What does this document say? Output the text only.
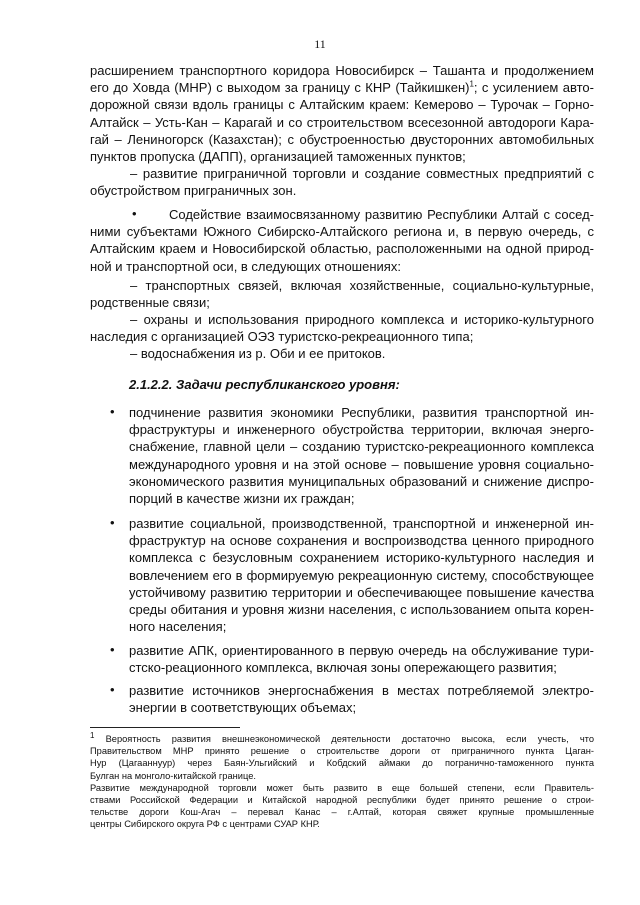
11
расширением транспортного коридора Новосибирск – Ташанта и продолжением
его до Ховда (МНР) с выходом за границу с КНР (Тайкишкен)$^1$; с усилением авто-
дорожной связи вдоль границы с Алтайским краем: Кемерово – Турочак – Горно-
Алтайск – Усть-Кан – Карагай и со строительством всесезонной автодороги Кара-
гай – Лениногорск (Казахстан); с обустроенностью двусторонних автомобильных
пунктов пропуска (ДАПП), организацией таможенных пунктов;
– развитие приграничной торговли и создание совместных предприятий с
обустройством приграничных зон.
•	Содействие взаимосвязанному развитию Республики Алтай с сосед-
ними субъектами Южного Сибирско-Алтайского региона и, в первую очередь, с
Алтайским краем и Новосибирской областью, расположенными на одной природ-
ной и транспортной оси, в следующих отношениях:
– транспортных связей, включая хозяйственные, социально-культурные,
родственные связи;
– охраны и использования природного комплекса и историко-культурного
наследия с организацией ОЭЗ туристско-рекреационного типа;
– водоснабжения из р. Оби и ее притоков.
2.1.2.2. Задачи республиканского уровня:
• подчинение развития экономики Республики, развития транспортной ин-
фраструктуры и инженерного обустройства территории, включая энерго-
снабжение, главной цели – созданию туристско-рекреационного комплекса
международного уровня и на этой основе – повышение уровня социально-
экономического развития муниципальных образований и снижение диспро-
порций в качестве жизни их граждан;
• развитие социальной, производственной, транспортной и инженерной ин-
фраструктур на основе сохранения и воспроизводства ценного природного
комплекса с безусловным сохранением историко-культурного наследия и
вовлечением его в формируемую рекреационную систему, способствующее
устойчивому развитию территории и обеспечивающее повышение качества
среды обитания и уровня жизни населения, с использованием опыта корен-
ного населения;
• развитие АПК, ориентированного в первую очередь на обслуживание тури-
стско-реационного комплекса, включая зоны опережающего развития;
• развитие источников энергоснабжения в местах потребляемой электро-
энергии в соответствующих объемах;
$^1$ Вероятность развития внешнеэкономической деятельности достаточно высока, если учесть, что
Правительством МНР принято решение о строительстве дороги от приграничного пункта Цаган-
Нур (Цагааннуур) через Баян-Ульгийский и Кобдский аймаки до погранично-таможенного пункта
Булган на монголо-китайской границе.
Развитие международной торговли может быть развито в еще большей степени, если Правитель-
ствами Российской Федерации и Китайской народной республики будет принято решение о строи-
тельстве дороги Кош-Агач – перевал Канас – г.Алтай, которая свяжет крупные промышленные
центры Сибирского округа РФ с центрами СУАР КНР.
